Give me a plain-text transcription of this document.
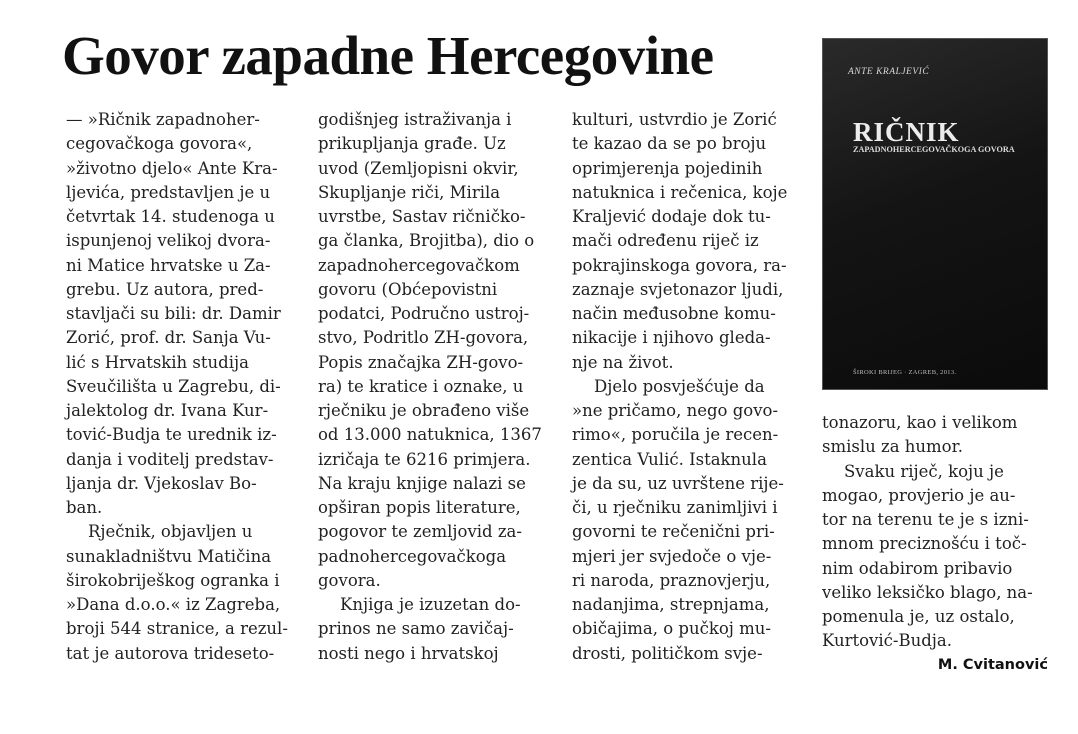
Govor zapadne Hercegovine
— »Ričnik zapadnoher-
cegovačkoga govora«,
»životno djelo« Ante Kra-
ljevića, predstavljen je u
četvrtak 14. studenoga u
ispunjenoj velikoj dvora-
ni Matice hrvatske u Za-
grebu. Uz autora, pred-
stavljači su bili: dr. Damir
Zorić, prof. dr. Sanja Vu-
lić s Hrvatskih studija
Sveučilišta u Zagrebu, di-
jalektolog dr. Ivana Kur-
tović-Budja te urednik iz-
danja i voditelj predstav-
ljanja dr. Vjekoslav Bo-
ban.
Rječnik, objavljen u
sunakladništvu Matičina
širokobriješkog ogranka i
»Dana d.o.o.« iz Zagreba,
broji 544 stranice, a rezul-
tat je autorova trideseto-
godišnjeg istraživanja i
prikupljanja građe. Uz
uvod (Zemljopisni okvir,
Skupljanje riči, Mirila
uvrstbe, Sastav ričničko-
ga članka, Brojitba), dio o
zapadnohercegovačkom
govoru (Obćepovistni
podatci, Područno ustroj-
stvo, Podritlo ZH-govora,
Popis značajka ZH-govo-
ra) te kratice i oznake, u
rječniku je obrađeno više
od 13.000 natuknica, 1367
izričaja te 6216 primjera.
Na kraju knjige nalazi se
opširan popis literature,
pogovor te zemljovid za-
padnohercegovačkoga
govora.
Knjiga je izuzetan do-
prinos ne samo zavičaj-
nosti nego i hrvatskoj
kulturi, ustvrdio je Zorić
te kazao da se po broju
oprimjerenja pojedinih
natuknica i rečenica, koje
Kraljević dodaje dok tu-
mači određenu riječ iz
pokrajinskoga govora, ra-
zaznaje svjetonazor ljudi,
način međusobne komu-
nikacije i njihovo gleda-
nje na život.
Djelo posvješćuje da
»ne pričamo, nego govo-
rimo«, poručila je recen-
zentica Vulić. Istaknula
je da su, uz uvrštene rije-
či, u rječniku zanimljivi i
govorni te rečenični pri-
mjeri jer svjedoče o vje-
ri naroda, praznovjerju,
nadanjima, strepnjama,
običajima, o pučkoj mu-
drosti, političkom svje-
tonazoru, kao i velikom
smislu za humor.
Svaku riječ, koju je
mogao, provjerio je au-
tor na terenu te je s izni-
mnom preciznošću i toč-
nim odabirom pribavio
veliko leksičko blago, na-
pomenula je, uz ostalo,
Kurtović-Budja.
M. Cvitanović
ANTE KRALJEVIĆ
RIČNIK
ZAPADNOHERCEGOVAČKOGA GOVORA
ŠIROKI BRIJEG · ZAGREB, 2013.
